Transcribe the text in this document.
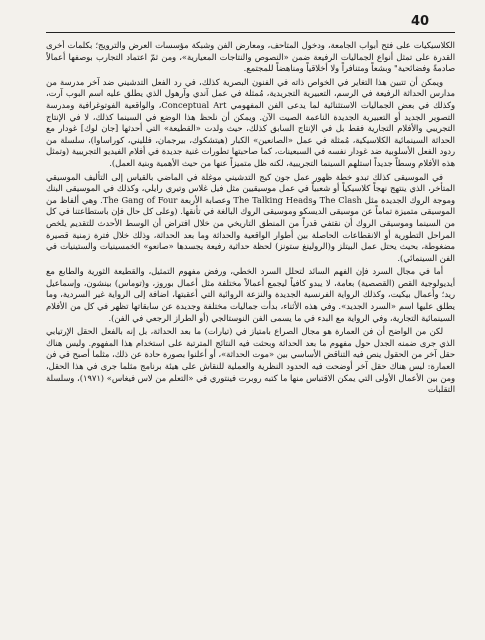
40

الكلاسيكيات على فتح أبواب الجامعة، ودخول المتاحف، ومعارض الفن وشبكة مؤسسات العرض والترويج؛ بكلمات أخرى القدرة على تمثل أنواع الجماليات الرفيعة ضمن «النصوص والنتاجات المعيارية»، ومن ثمّ اعتماد التجارب بوصفها أعمالاً صادمةً وفضائحية" وبشعاً ومتنافراً ولا أخلاقياً ومناهضاً للمجتمع.

ويمكن أن تتبين هذا التغاير في الخواص ذاته في الفنون البصرية كذلك، في رد الفعل التدشيني ضد آخر مدرسة من مدارس الحداثة الرفيعة في الرسم، التعبيرية التجريدية، مُمثلة في عمل آندي وآرهول الذي يطلق عليه اسم البوب آرت، وكذلك في بعض الجماليات الاستثنائية لما يدعى الفن المفهومي Conceptual Art، والواقعية الفوتوغرافية ومدرسة التصوير الجديد أو التعبيرية الجديدة الناعمة الصيت الآن. ويمكن أن نلحظ هذا الوضع في السينما كذلك، لا في الإنتاج التجريبي والأفلام التجارية فقط بل في الإنتاج السابق كذلك، حيث ولدت «القطيعة» التي أحدثها [جان لوك] غودار مع الحداثة السينمائية الكلاسيكية، مُمثلة في عمل «الصانعين» الكبار (هيتشكوك، بيرجمان، فلليني، كوراساوا)، سلسلة من ردود الفعل الأسلوبية ضد غودار نفسه في السبعينات، كما صاحبتها تطورات غنية جديدة في أفلام الفيديو التجريبية (وتمثل هذه الأفلام وسطاً جديداً استلهم السينما التجريبية، لكنه ظل متميزاً عنها من حيث الأهمية وبنية العمل).

في الموسيقى كذلك تبدو خطة ظهور عمل جون كيج التدشيني موغلة في الماضي بالقياس إلى التأليف الموسيقي المتأخر، الذي ينتهج نهجاً كلاسيكياً أو شعبياً في عمل موسيقيين مثل فيل غلاس وتيري رايلي، وكذلك في الموسيقى البنك وموجة الروك الجديدة مثل The Clash وThe Talking Heads وعصابة الأربعة The Gang of Four. وهي ألفاظ من الموسيقى متميزة تماماً عن موسيقى الديسكو وموسيقى الروك البالغة في تأنقها. (وعلى كل حال فإن باستطاعتنا في كل من السينما وموسيقى الروك أن نقتفي قدراً من المنطق التاريخي من خلال افتراض أن الوسط الأحدث للتقديم يلخص المراحل التطورية أو الانقطاعات الحاصلة بين أطوار الواقعية والحداثة وما بعد الحداثة، وذلك خلال فترة زمنية قصيرة مضغوطة، بحيث يحتل عمل البيتلز و(الرولينغ ستونز) لحظة حداثية رفيعة يجسدها «صانعو» الخمسينيات والستينيات في الفن السينمائي).

أما في مجال السرد فإن الفهم السائد لتحلل السرد الخطي، ورفض مفهوم التمثيل، والقطيعة الثورية والطابع مع أيديولوجية القص (القصصية) بعامة، لا يبدو كافياً ليجمع أعمالاً مختلفة مثل أعمال بوروز، و(توماس) بينشون، وإسماعيل ريد؛ وأعمال بيكيت، وكذلك الرواية الفرنسية الجديدة والنزعة الروائية التي أعقبتها، اضافة إلى الرواية غير السردية، وما يطلق عليها اسم «السرد الجديد». وفي هذه الأثناء، بدأت جماليات مختلفة وجديدة عن سابقاتها تظهر في كل من الأفلام السينمائية التجارية، وفي الرواية مع البدء في ما يسمى الفن النوستالجي (أو الطراز الرجعي في الفن).

لكن من الواضح أن فن العمارة هو مجال الصراع بامتياز في (تيارات) ما بعد الحداثة، بل إنه بالفعل الحقل الإرتيابي الذي جرى ضمنه الجدل حول مفهوم ما بعد الحداثة وبحثت فيه النتائج المترتبة على استخدام هذا المفهوم. وليس هناك حقل آخر من الحقول ينص فيه التناقض الأساسي بين «موت الحداثة»، أو أعلنوا بصورة حادة عن ذلك، مثلما أصبح في فن العمارة: ليس هناك حقل آخر أوضحت فيه الحدود النظرية والعملية للنقاش على هيئة برنامج مثلما جرى في هذا الحقل، ومن بين الأعمال الأولى التي يمكن الاقتباس منها ما كتبه روبرت فينتوري في «التعلم من لاس فيغاس» (١٩٧١)، وسلسلة التقلبات
